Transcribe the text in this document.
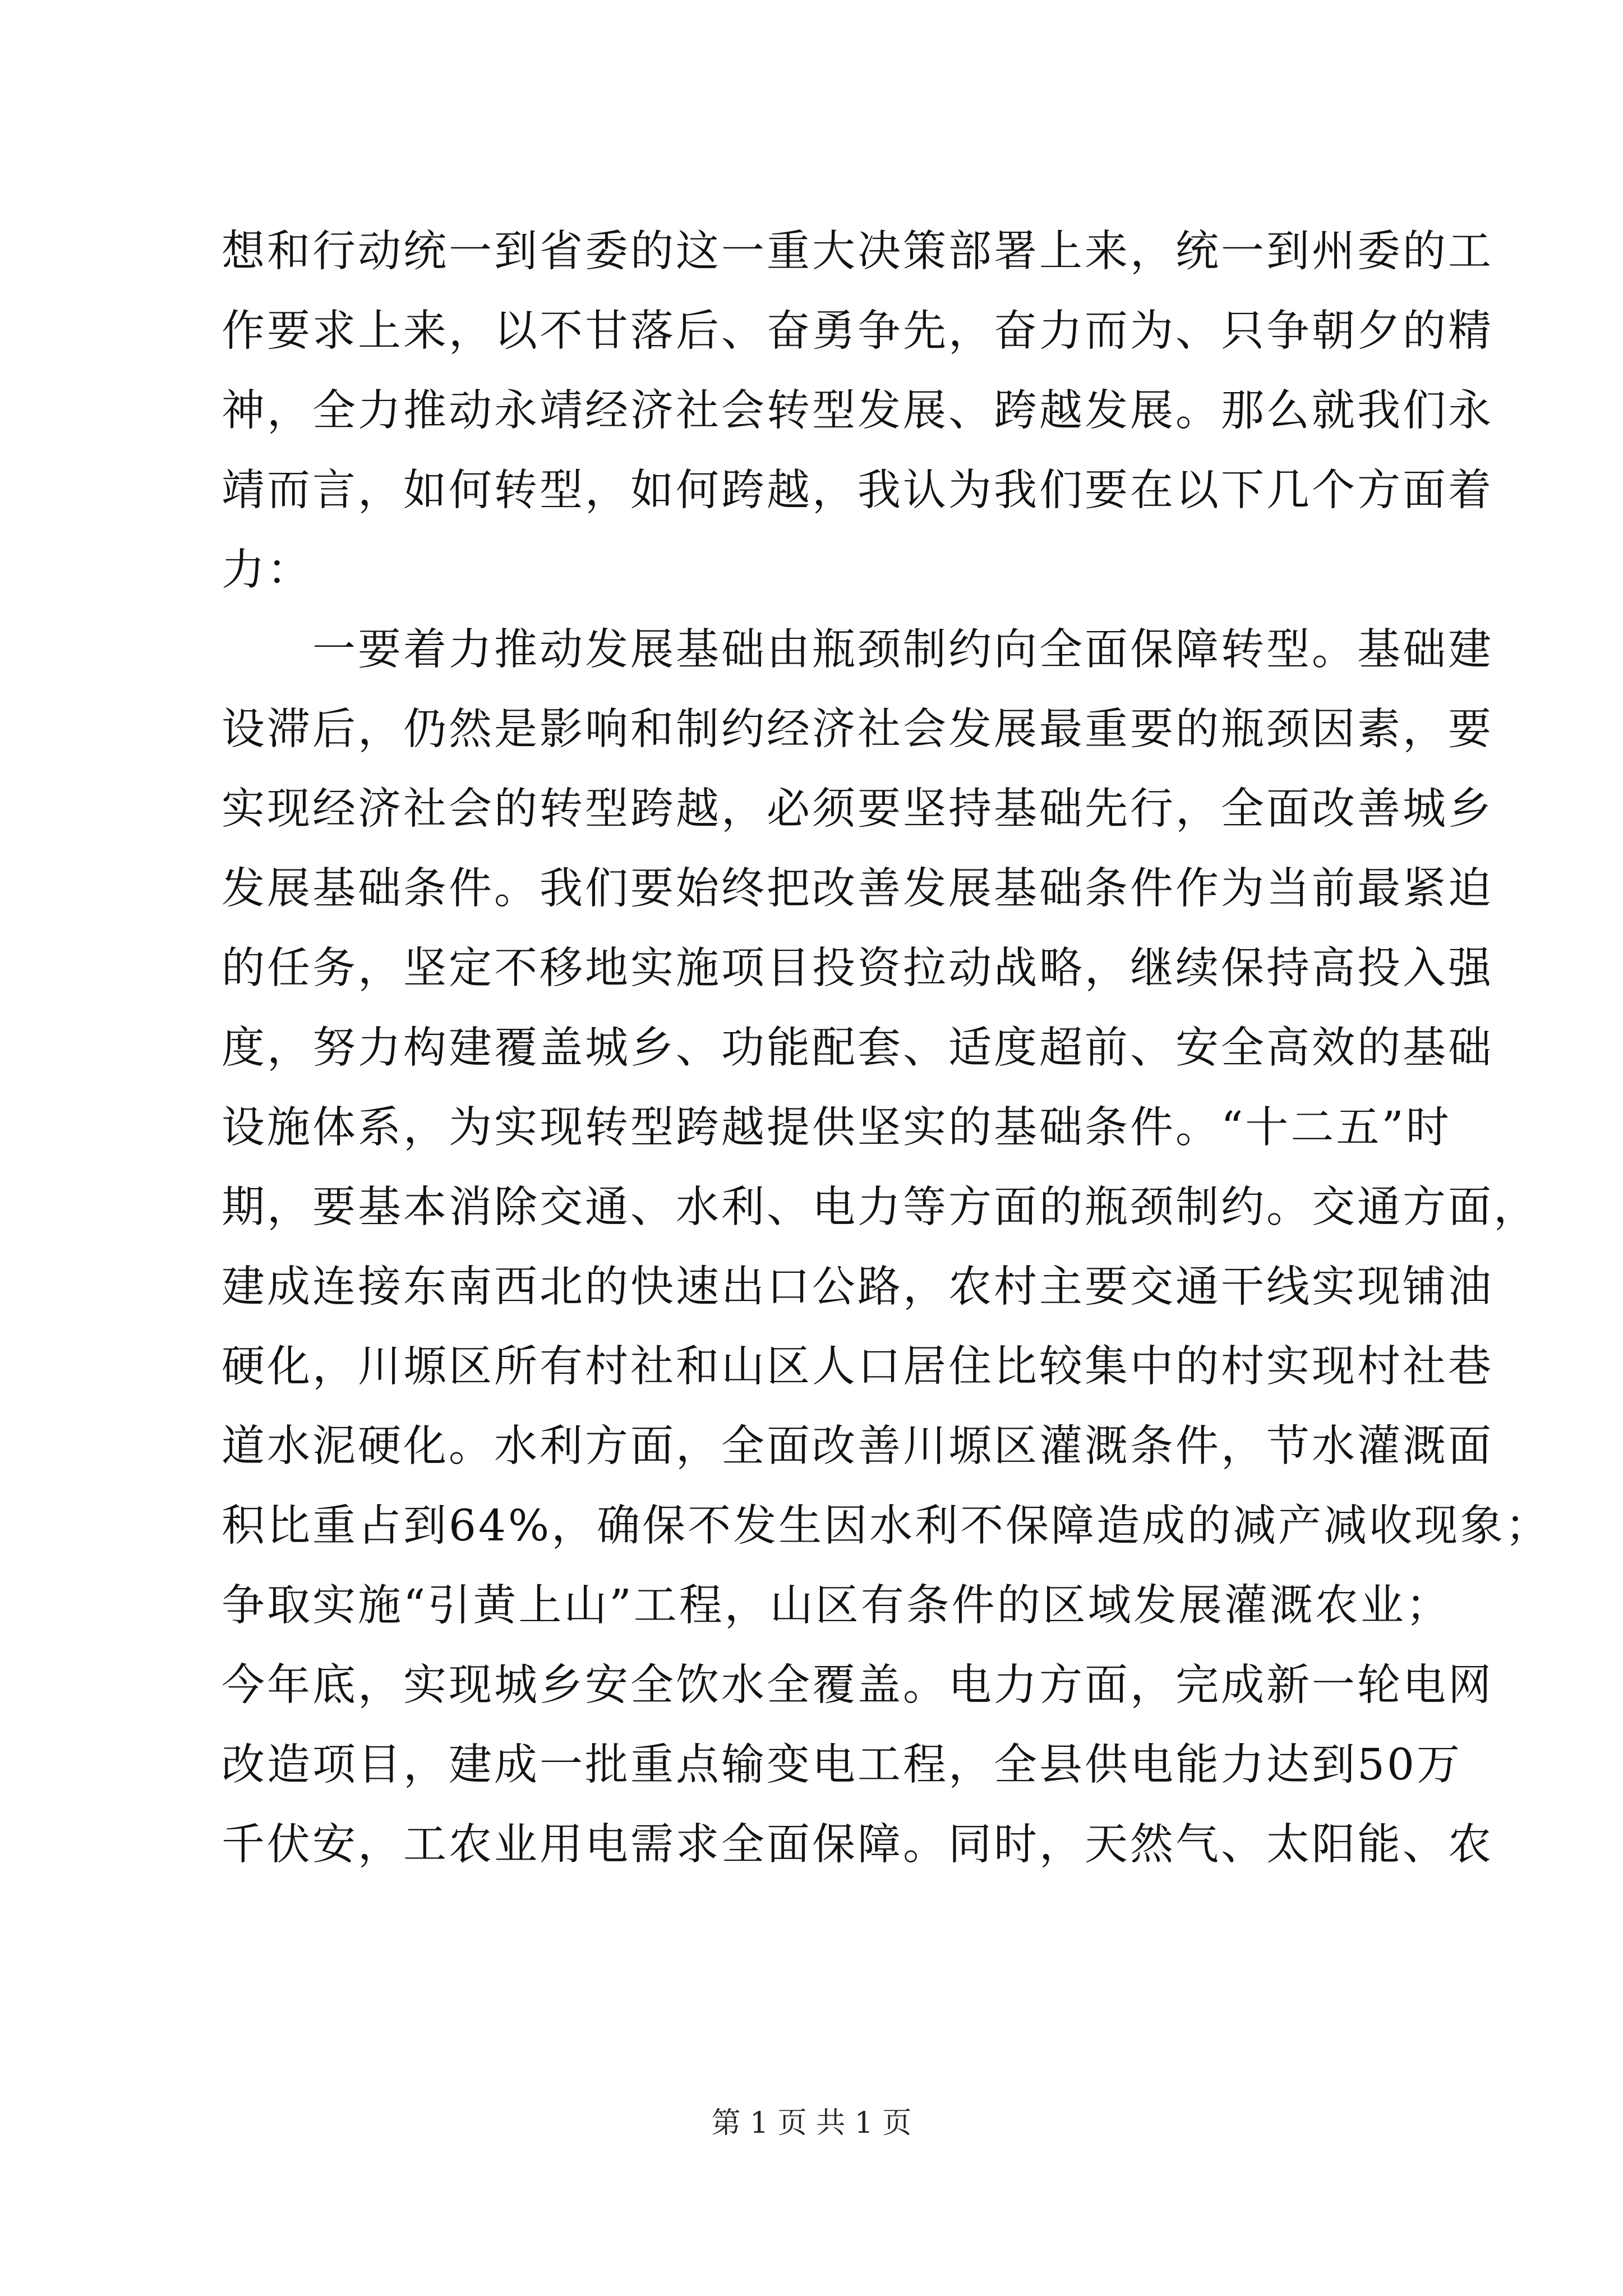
想和行动统一到省委的这一重大决策部署上来，统一到州委的工
作要求上来，以不甘落后、奋勇争先，奋力而为、只争朝夕的精
神，全力推动永靖经济社会转型发展、跨越发展。那么就我们永
靖而言，如何转型，如何跨越，我认为我们要在以下几个方面着
力：
　　一要着力推动发展基础由瓶颈制约向全面保障转型。基础建
设滞后，仍然是影响和制约经济社会发展最重要的瓶颈因素，要
实现经济社会的转型跨越，必须要坚持基础先行，全面改善城乡
发展基础条件。我们要始终把改善发展基础条件作为当前最紧迫
的任务，坚定不移地实施项目投资拉动战略，继续保持高投入强
度，努力构建覆盖城乡、功能配套、适度超前、安全高效的基础
设施体系，为实现转型跨越提供坚实的基础条件。“十二五”时
期，要基本消除交通、水利、电力等方面的瓶颈制约。交通方面，
建成连接东南西北的快速出口公路，农村主要交通干线实现铺油
硬化，川塬区所有村社和山区人口居住比较集中的村实现村社巷
道水泥硬化。水利方面，全面改善川塬区灌溉条件，节水灌溉面
积比重占到64%，确保不发生因水利不保障造成的减产减收现象；
争取实施“引黄上山”工程，山区有条件的区域发展灌溉农业；
今年底，实现城乡安全饮水全覆盖。电力方面，完成新一轮电网
改造项目，建成一批重点输变电工程，全县供电能力达到50万
千伏安，工农业用电需求全面保障。同时，天然气、太阳能、农
第 1 页 共 1 页
